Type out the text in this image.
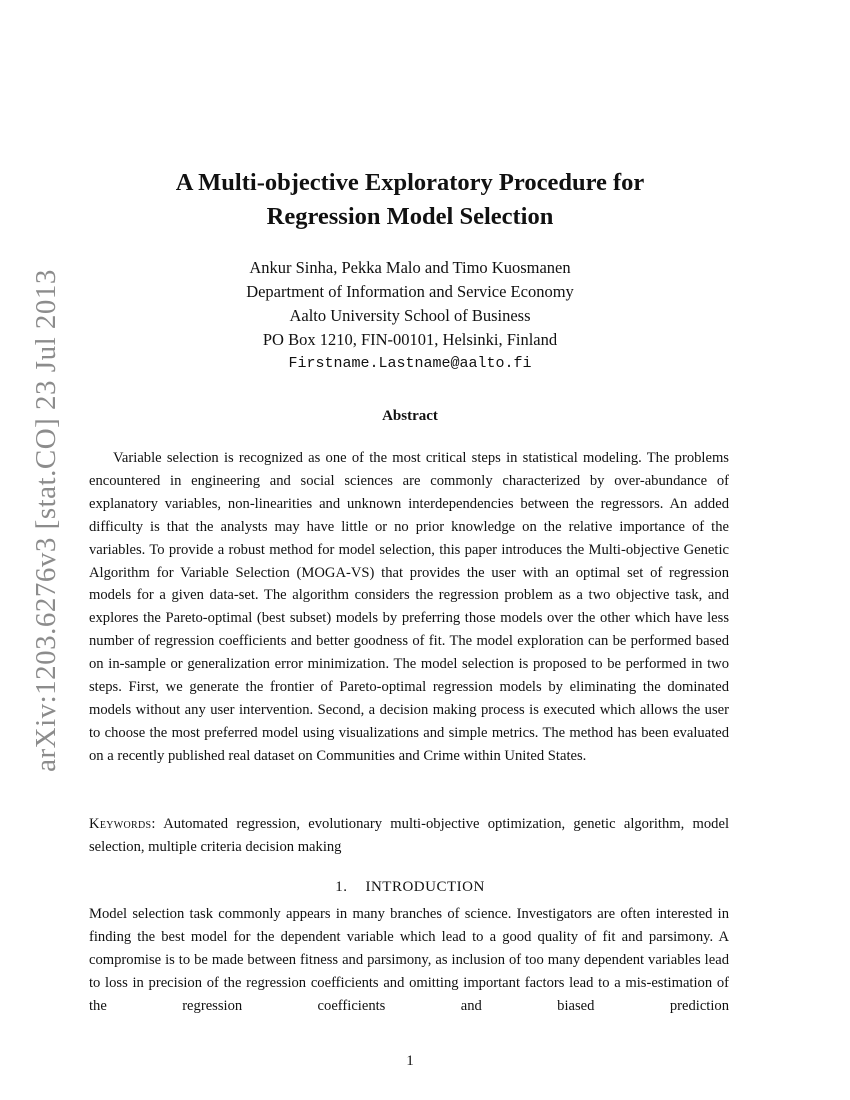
arXiv:1203.6276v3 [stat.CO] 23 Jul 2013
A Multi-objective Exploratory Procedure for
Regression Model Selection
Ankur Sinha, Pekka Malo and Timo Kuosmanen
Department of Information and Service Economy
Aalto University School of Business
PO Box 1210, FIN-00101, Helsinki, Finland
Firstname.Lastname@aalto.fi
Abstract

Variable selection is recognized as one of the most critical steps in statistical modeling. The problems encountered in engineering and social sciences are commonly characterized by over-abundance of explanatory variables, non-linearities and unknown interdependencies between the regressors. An added difficulty is that the analysts may have little or no prior knowledge on the relative importance of the variables. To provide a robust method for model selection, this paper introduces the Multi-objective Genetic Algorithm for Variable Selection (MOGA-VS) that provides the user with an optimal set of regression models for a given data-set. The algorithm considers the regression problem as a two objective task, and explores the Pareto-optimal (best subset) models by preferring those models over the other which have less number of regression coefficients and better goodness of fit. The model exploration can be performed based on in-sample or generalization error minimization. The model selection is proposed to be performed in two steps. First, we generate the frontier of Pareto-optimal regression models by eliminating the dominated models without any user intervention. Second, a decision making process is executed which allows the user to choose the most preferred model using visualizations and simple metrics. The method has been evaluated on a recently published real dataset on Communities and Crime within United States.

Keywords: Automated regression, evolutionary multi-objective optimization, genetic algorithm, model selection, multiple criteria decision making

1. INTRODUCTION

Model selection task commonly appears in many branches of science. Investigators are often interested in finding the best model for the dependent variable which lead to a good quality of fit and parsimony. A compromise is to be made between fitness and parsimony, as inclusion of too many dependent variables lead to loss in precision of the regression coefficients and omitting important factors lead to a mis-estimation of the regression coefficients and biased prediction

1
